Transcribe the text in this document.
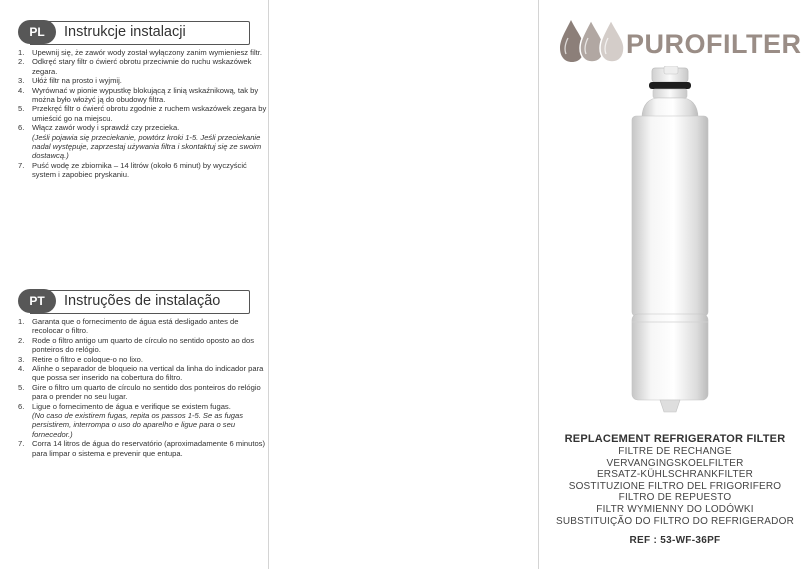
PL	Instrukcje instalacji
1. Upewnij się, że zawór wody został wyłączony zanim wymieniesz filtr.
2. Odkręć stary filtr o ćwierć obrotu przeciwnie do ruchu wskazówek zegara.
3. Ułóż filtr na prosto i wyjmij.
4. Wyrównać w pionie wypustkę blokującą z linią wskaźnikową, tak by można było włożyć ją do obudowy filtra.
5. Przekręć filtr o ćwierć obrotu zgodnie z ruchem wskazówek zegara by umieścić go na miejscu.
6. Włącz zawór wody i sprawdź czy przecieka.
(Jeśli pojawia się przeciekanie, powtórz kroki 1-5. Jeśli przeciekanie nadal występuje, zaprzestaj używania filtra i skontaktuj się ze swoim dostawcą.)
7. Puść wodę ze zbiornika – 14 litrów (około 6 minut) by wyczyścić system i zapobiec pryskaniu.
PT	Instruções de instalação
1. Garanta que o fornecimento de água está desligado antes de recolocar o filtro.
2. Rode o filtro antigo um quarto de círculo no sentido oposto ao dos ponteiros do relógio.
3. Retire o filtro e coloque-o no lixo.
4. Alinhe o separador de bloqueio na vertical da linha do indicador para que possa ser inserido na cobertura do filtro.
5. Gire o filtro um quarto de círculo no sentido dos ponteiros do relógio para o prender no seu lugar.
6. Ligue o fornecimento de água e verifique se existem fugas.
(No caso de existirem fugas, repita os passos 1-5. Se as fugas persistirem, interrompa o uso do aparelho e ligue para o seu fornecedor.)
7. Corra 14 litros de água do reservatório (aproximadamente 6 minutos) para limpar o sistema e prevenir que entupa.
PUROFILTER
REPLACEMENT REFRIGERATOR FILTER
FILTRE DE RECHANGE
VERVANGINGSKOELFILTER
ERSATZ-KÜHLSCHRANKFILTER
SOSTITUZIONE FILTRO DEL FRIGORIFERO
FILTRO DE REPUESTO
FILTR WYMIENNY DO LODÓWKI
SUBSTITUIÇÃO DO FILTRO DO REFRIGERADOR
REF : 53-WF-36PF
